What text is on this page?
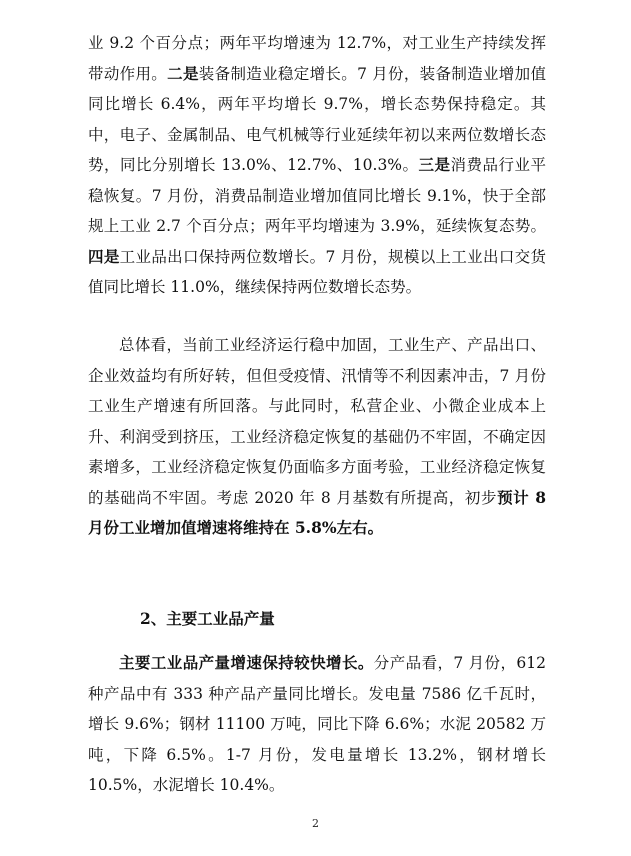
业 9.2 个百分点；两年平均增速为 12.7%，对工业生产持续发挥带动作用。二是装备制造业稳定增长。7 月份，装备制造业增加值同比增长 6.4%，两年平均增长 9.7%，增长态势保持稳定。其中，电子、金属制品、电气机械等行业延续年初以来两位数增长态势，同比分别增长 13.0%、12.7%、10.3%。三是消费品行业平稳恢复。7 月份，消费品制造业增加值同比增长 9.1%，快于全部规上工业 2.7 个百分点；两年平均增速为 3.9%，延续恢复态势。四是工业品出口保持两位数增长。7 月份，规模以上工业出口交货值同比增长 11.0%，继续保持两位数增长态势。

总体看，当前工业经济运行稳中加固，工业生产、产品出口、企业效益均有所好转，但但受疫情、汛情等不利因素冲击，7 月份工业生产增速有所回落。与此同时，私营企业、小微企业成本上升、利润受到挤压，工业经济稳定恢复的基础仍不牢固，不确定因素增多，工业经济稳定恢复仍面临多方面考验，工业经济稳定恢复的基础尚不牢固。考虑 2020 年 8 月基数有所提高，初步预计 8 月份工业增加值增速将维持在 5.8%左右。

2、主要工业品产量

主要工业品产量增速保持较快增长。分产品看，7 月份，612 种产品中有 333 种产品产量同比增长。发电量 7586 亿千瓦时，增长 9.6%；钢材 11100 万吨，同比下降 6.6%；水泥 20582 万吨，下降 6.5%。1-7 月份，发电量增长 13.2%，钢材增长 10.5%，水泥增长 10.4%。

2
